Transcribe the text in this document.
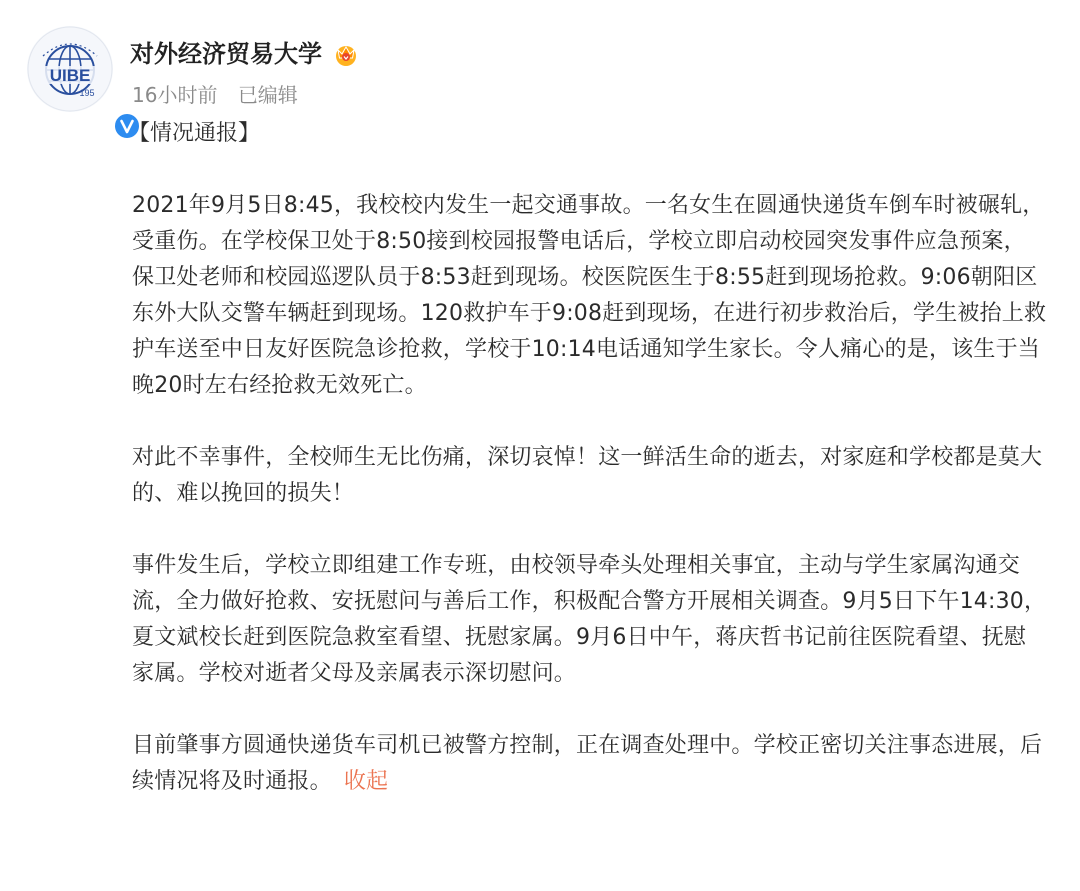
UIBE
195
对外经济贸易大学
16小时前 已编辑
【情况通报】

2021年9月5日8:45，我校校内发生一起交通事故。一名女生在圆通快递货车倒车时被碾轧，受重伤。在学校保卫处于8:50接到校园报警电话后，学校立即启动校园突发事件应急预案，保卫处老师和校园巡逻队员于8:53赶到现场。校医院医生于8:55赶到现场抢救。9:06朝阳区东外大队交警车辆赶到现场。120救护车于9:08赶到现场，在进行初步救治后，学生被抬上救护车送至中日友好医院急诊抢救，学校于10:14电话通知学生家长。令人痛心的是，该生于当晚20时左右经抢救无效死亡。

对此不幸事件，全校师生无比伤痛，深切哀悼！这一鲜活生命的逝去，对家庭和学校都是莫大的、难以挽回的损失！

事件发生后，学校立即组建工作专班，由校领导牵头处理相关事宜，主动与学生家属沟通交流，全力做好抢救、安抚慰问与善后工作，积极配合警方开展相关调查。9月5日下午14:30，夏文斌校长赶到医院急救室看望、抚慰家属。9月6日中午，蒋庆哲书记前往医院看望、抚慰家属。学校对逝者父母及亲属表示深切慰问。

目前肇事方圆通快递货车司机已被警方控制，正在调查处理中。学校正密切关注事态进展，后续情况将及时通报。 收起
